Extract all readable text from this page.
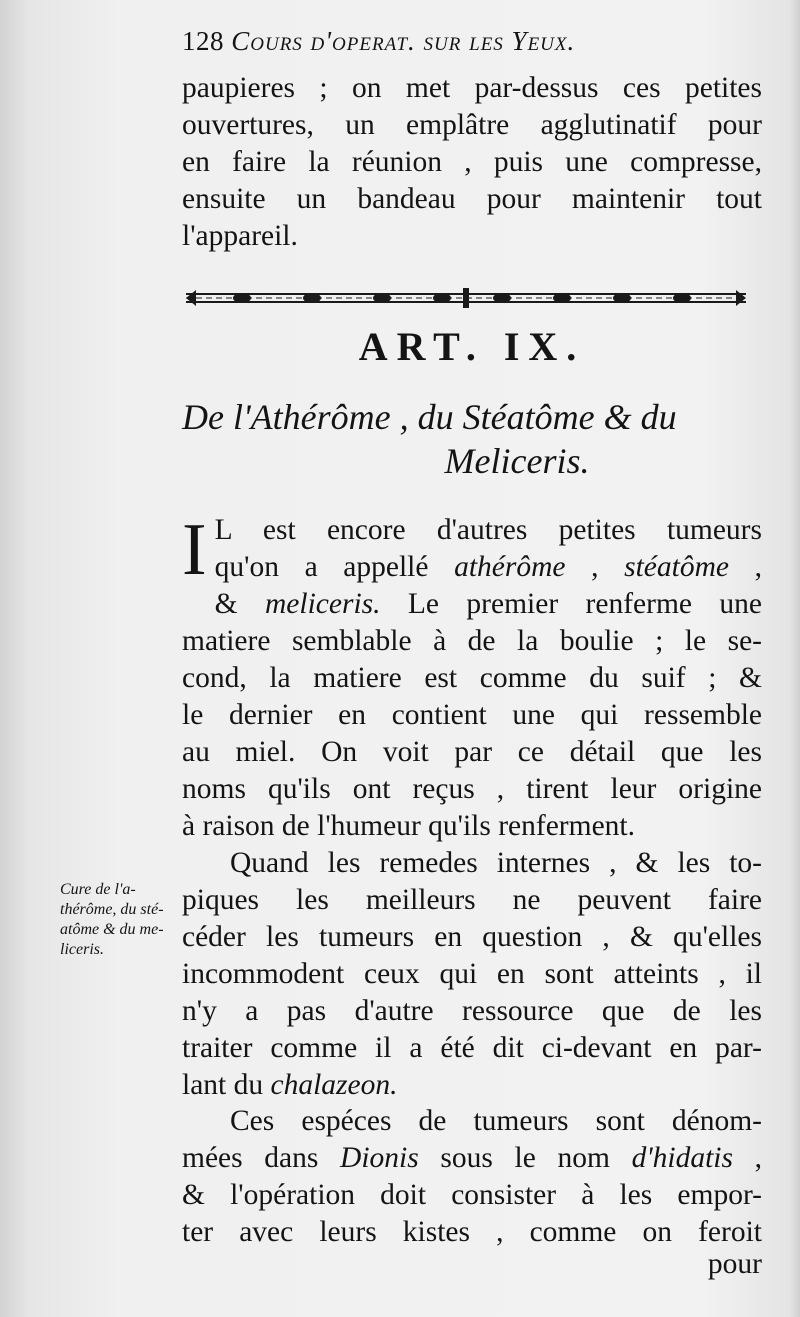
128 Cours d'operat. sur les Yeux.
paupieres ; on met par-dessus ces petites
ouvertures, un emplâtre agglutinatif pour
en faire la réunion , puis une compresse,
ensuite un bandeau pour maintenir tout
l'appareil.
ART. IX.
De l'Athérôme , du Stéatôme & du
Meliceris.
I L est encore d'autres petites tumeurs
qu'on a appellé athérôme , stéatôme ,
& meliceris. Le premier renferme une
matiere semblable à de la boulie ; le se-
cond, la matiere est comme du suif ; &
le dernier en contient une qui ressemble
au miel. On voit par ce détail que les
noms qu'ils ont reçus , tirent leur origine
à raison de l'humeur qu'ils renferment.
Cure de l'a-
thérôme, du sté-
atôme & du me-
liceris.
Quand les remedes internes , & les to-
piques les meilleurs ne peuvent faire
céder les tumeurs en question , & qu'elles
incommodent ceux qui en sont atteints , il
n'y a pas d'autre ressource que de les
traiter comme il a été dit ci-devant en par-
lant du chalazeon.
Ces espéces de tumeurs sont dénom-
mées dans Dionis sous le nom d'hidatis ,
& l'opération doit consister à les empor-
ter avec leurs kistes , comme on feroit
pour
